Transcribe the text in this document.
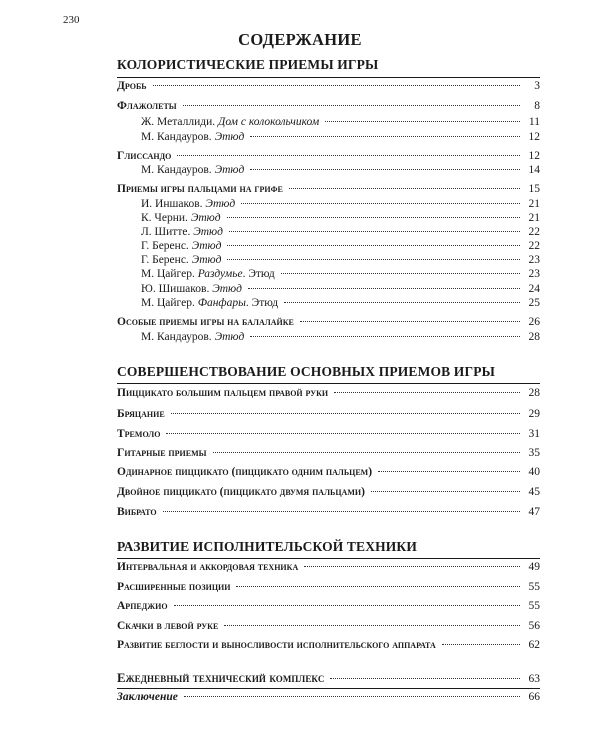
230
СОДЕРЖАНИЕ
КОЛОРИСТИЧЕСКИЕ ПРИЕМЫ ИГРЫ
Дробь	3
Флажолеты	8
Ж. Металлиди. Дом с колокольчиком	11
М. Кандауров. Этюд	12
Глиссандо	12
М. Кандауров. Этюд	14
Приемы игры пальцами на грифе	15
И. Иншаков. Этюд	21
К. Черни. Этюд	21
Л. Шитте. Этюд	22
Г. Беренс. Этюд	22
Г. Беренс. Этюд	23
М. Цайгер. Раздумье. Этюд	23
Ю. Шишаков. Этюд	24
М. Цайгер. Фанфары. Этюд	25
Особые приемы игры на балалайке	26
М. Кандауров. Этюд	28
СОВЕРШЕНСТВОВАНИЕ ОСНОВНЫХ ПРИЕМОВ ИГРЫ
Пиццикато большим пальцем правой руки	28
Бряцание	29
Тремоло	31
Гитарные приемы	35
Одинарное пиццикато (пиццикато одним пальцем)	40
Двойное пиццикато (пиццикато двумя пальцами)	45
Вибрато	47
РАЗВИТИЕ ИСПОЛНИТЕЛЬСКОЙ ТЕХНИКИ
Интервальная и аккордовая техника	49
Расширенные позиции	55
Арпеджио	55
Скачки в левой руке	56
Развитие беглости и выносливости исполнительского аппарата	62
Ежедневный технический комплекс	63
Заключение	66
